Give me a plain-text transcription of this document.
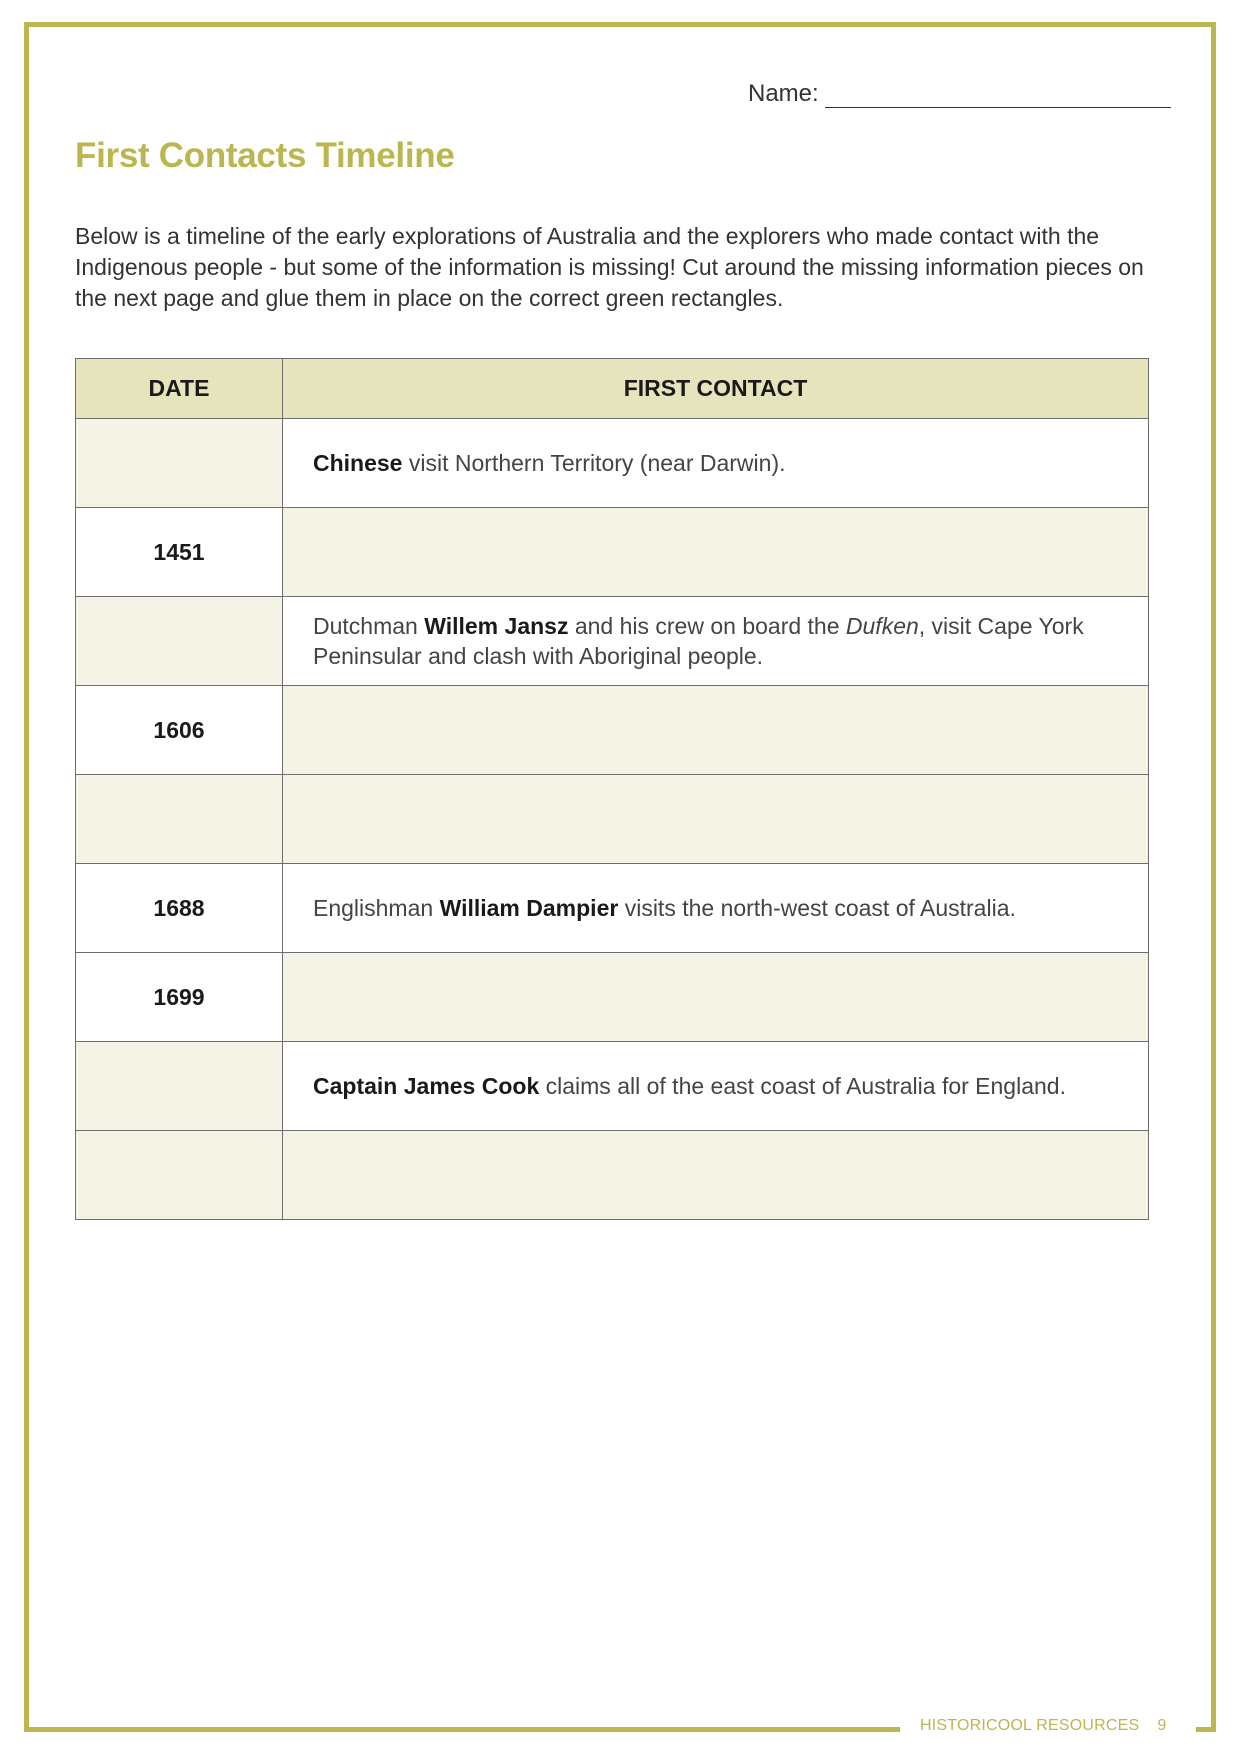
Name:
First Contacts Timeline

Below is a timeline of the early explorations of Australia and the explorers who made contact with the Indigenous people - but some of the information is missing! Cut around the missing information pieces on the next page and glue them in place on the correct green rectangles.

DATE	FIRST CONTACT
	Chinese visit Northern Territory (near Darwin).
1451	
	Dutchman Willem Jansz and his crew on board the Dufken, visit Cape York Peninsular and clash with Aboriginal people.
1606	

1688	Englishman William Dampier visits the north-west coast of Australia.
1699	
	Captain James Cook claims all of the east coast of Australia for England.

HISTORICOOL RESOURCES 9
